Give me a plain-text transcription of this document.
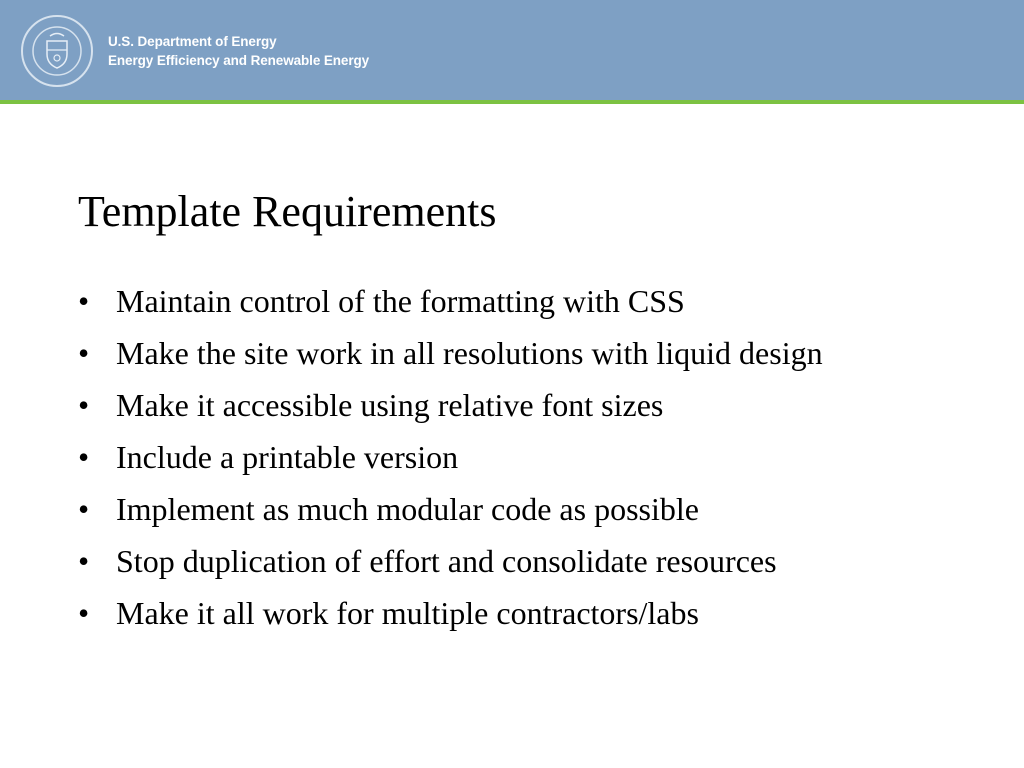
U.S. Department of Energy
Energy Efficiency and Renewable Energy
Template Requirements
• Maintain control of the formatting with CSS
• Make the site work in all resolutions with liquid design
• Make it accessible using relative font sizes
• Include a printable version
• Implement as much modular code as possible
• Stop duplication of effort and consolidate resources
• Make it all work for multiple contractors/labs
